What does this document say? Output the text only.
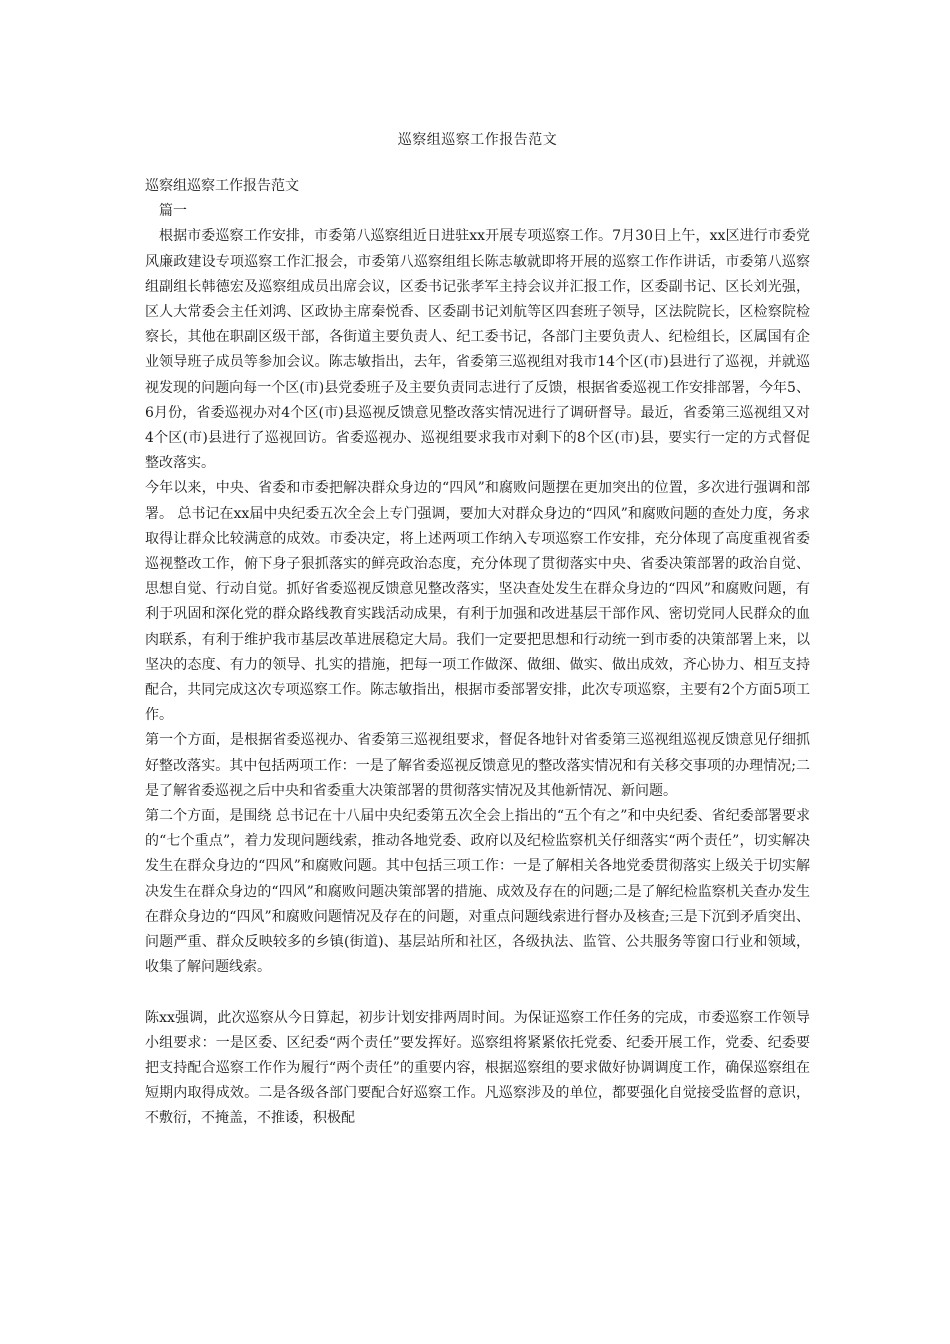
巡察组巡察工作报告范文

巡察组巡察工作报告范文

篇一

根据市委巡察工作安排，市委第八巡察组近日进驻xx开展专项巡察工作。7月30日上午，xx区进行市委党风廉政建设专项巡察工作汇报会，市委第八巡察组组长陈志敏就即将开展的巡察工作作讲话，市委第八巡察组副组长韩德宏及巡察组成员出席会议，区委书记张孝军主持会议并汇报工作，区委副书记、区长刘光强，区人大常委会主任刘鸿、区政协主席秦悦香、区委副书记刘航等区四套班子领导，区法院院长，区检察院检察长，其他在职副区级干部，各街道主要负责人、纪工委书记，各部门主要负责人、纪检组长，区属国有企业领导班子成员等参加会议。陈志敏指出，去年，省委第三巡视组对我市14个区(市)县进行了巡视，并就巡视发现的问题向每一个区(市)县党委班子及主要负责同志进行了反馈，根据省委巡视工作安排部署，今年5、6月份，省委巡视办对4个区(市)县巡视反馈意见整改落实情况进行了调研督导。最近，省委第三巡视组又对4个区(市)县进行了巡视回访。省委巡视办、巡视组要求我市对剩下的8个区(市)县，要实行一定的方式督促整改落实。

今年以来，中央、省委和市委把解决群众身边的“四风”和腐败问题摆在更加突出的位置，多次进行强调和部署。 总书记在xx届中央纪委五次全会上专门强调，要加大对群众身边的“四风”和腐败问题的查处力度，务求取得让群众比较满意的成效。市委决定，将上述两项工作纳入专项巡察工作安排，充分体现了高度重视省委巡视整改工作，俯下身子狠抓落实的鲜亮政治态度，充分体现了贯彻落实中央、省委决策部署的政治自觉、思想自觉、行动自觉。抓好省委巡视反馈意见整改落实，坚决查处发生在群众身边的“四风”和腐败问题，有利于巩固和深化党的群众路线教育实践活动成果，有利于加强和改进基层干部作风、密切党同人民群众的血肉联系，有利于维护我市基层改革进展稳定大局。我们一定要把思想和行动统一到市委的决策部署上来，以坚决的态度、有力的领导、扎实的措施，把每一项工作做深、做细、做实、做出成效，齐心协力、相互支持配合，共同完成这次专项巡察工作。陈志敏指出，根据市委部署安排，此次专项巡察，主要有2个方面5项工作。

第一个方面，是根据省委巡视办、省委第三巡视组要求，督促各地针对省委第三巡视组巡视反馈意见仔细抓好整改落实。其中包括两项工作：一是了解省委巡视反馈意见的整改落实情况和有关移交事项的办理情况;二是了解省委巡视之后中央和省委重大决策部署的贯彻落实情况及其他新情况、新问题。

第二个方面，是围绕 总书记在十八届中央纪委第五次全会上指出的“五个有之”和中央纪委、省纪委部署要求的“七个重点”，着力发现问题线索，推动各地党委、政府以及纪检监察机关仔细落实“两个责任”，切实解决发生在群众身边的“四风”和腐败问题。其中包括三项工作：一是了解相关各地党委贯彻落实上级关于切实解决发生在群众身边的“四风”和腐败问题决策部署的措施、成效及存在的问题;二是了解纪检监察机关查办发生在群众身边的“四风”和腐败问题情况及存在的问题，对重点问题线索进行督办及核查;三是下沉到矛盾突出、问题严重、群众反映较多的乡镇(街道)、基层站所和社区，各级执法、监管、公共服务等窗口行业和领域，收集了解问题线索。

陈xx强调，此次巡察从今日算起，初步计划安排两周时间。为保证巡察工作任务的完成，市委巡察工作领导小组要求：一是区委、区纪委“两个责任”要发挥好。巡察组将紧紧依托党委、纪委开展工作，党委、纪委要把支持配合巡察工作作为履行“两个责任”的重要内容，根据巡察组的要求做好协调调度工作，确保巡察组在短期内取得成效。二是各级各部门要配合好巡察工作。凡巡察涉及的单位，都要强化自觉接受监督的意识，不敷衍，不掩盖，不推诿，积极配
